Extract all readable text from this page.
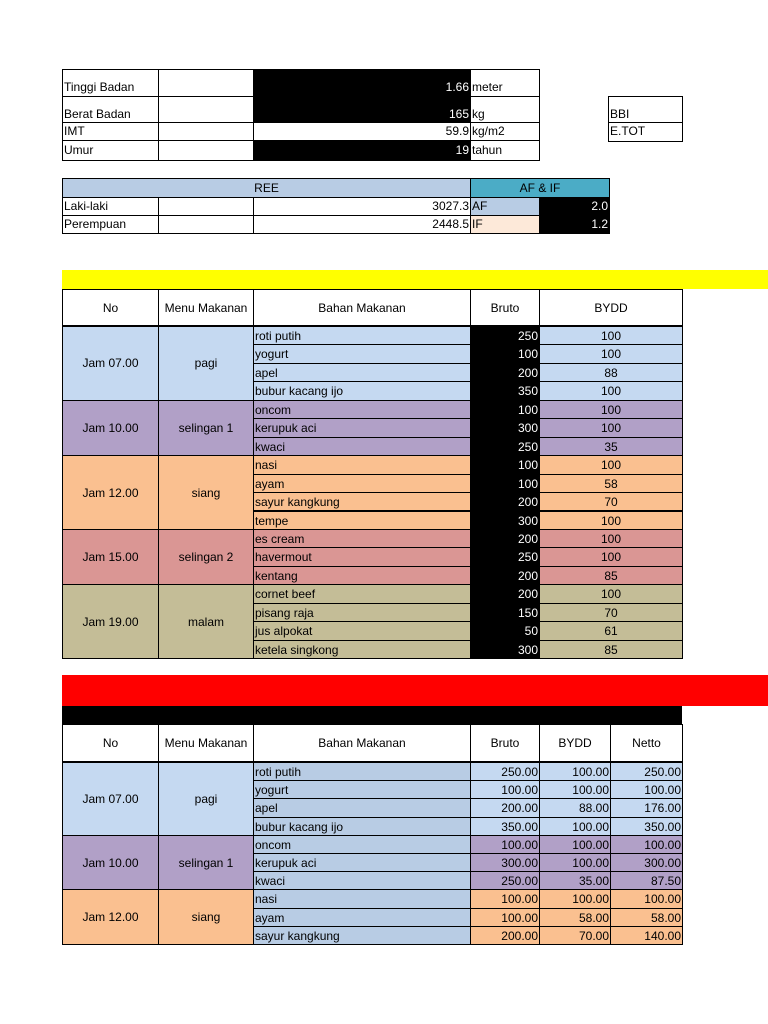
Tinggi Badan	1.66 meter
Berat Badan	165 kg
IMT	59.9 kg/m2
Umur	19 tahun
BBI
E.TOT
REE	AF & IF
Laki-laki	3027.3 AF	2.0
Perempuan	2448.5 IF	1.2
No	Menu Makanan	Bahan Makanan	Bruto	BYDD
Jam 07.00	pagi
roti putih	250	100
yogurt	100	100
apel	200	88
bubur kacang ijo	350	100
Jam 10.00	selingan 1
oncom	100	100
kerupuk aci	300	100
kwaci	250	35
Jam 12.00	siang
nasi	100	100
ayam	100	58
sayur kangkung	200	70
tempe	300	100
Jam 15.00	selingan 2
es cream	200	100
havermout	250	100
kentang	200	85
Jam 19.00	malam
cornet beef	200	100
pisang raja	150	70
jus alpokat	50	61
ketela singkong	300	85
No	Menu Makanan	Bahan Makanan	Bruto	BYDD	Netto
Jam 07.00	pagi
roti putih	250.00	100.00	250.00
yogurt	100.00	100.00	100.00
apel	200.00	88.00	176.00
bubur kacang ijo	350.00	100.00	350.00
Jam 10.00	selingan 1
oncom	100.00	100.00	100.00
kerupuk aci	300.00	100.00	300.00
kwaci	250.00	35.00	87.50
Jam 12.00	siang
nasi	100.00	100.00	100.00
ayam	100.00	58.00	58.00
sayur kangkung	200.00	70.00	140.00
